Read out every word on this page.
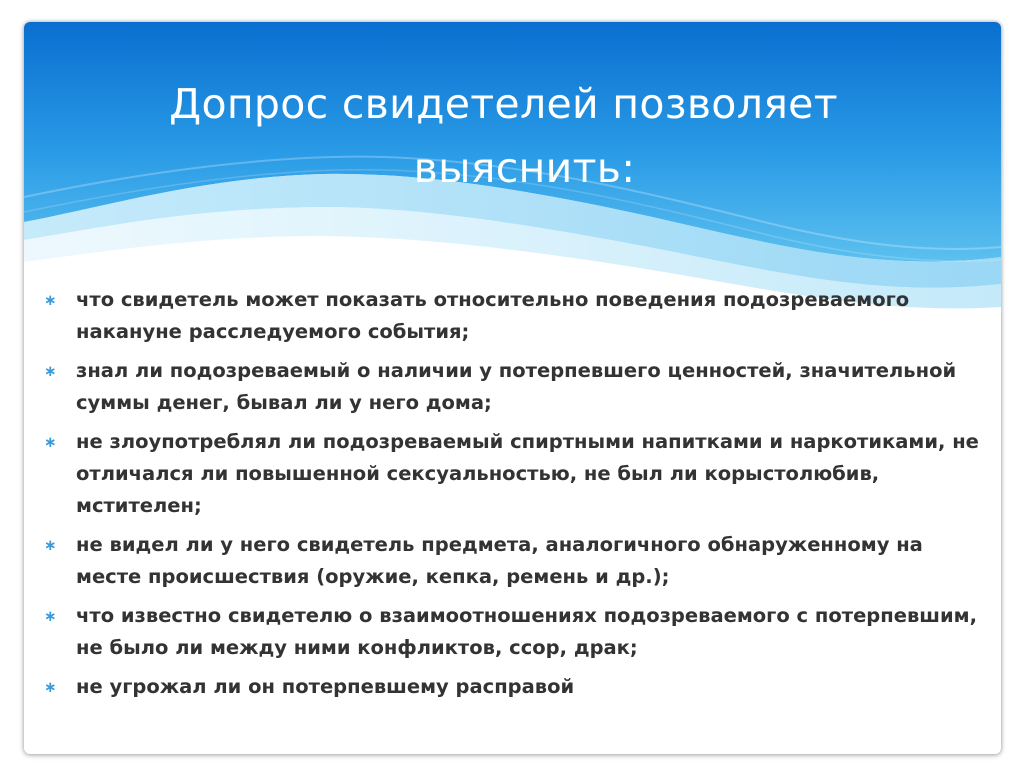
Допрос свидетелей позволяет
выяснить:
∗ что свидетель может показать относительно поведения подозреваемого накануне расследуемого события;
∗ знал ли подозреваемый о наличии у потерпевшего ценностей, значительной суммы денег, бывал ли у него дома;
∗ не злоупотреблял ли подозреваемый спиртными напитками и наркотиками, не отличался ли повышенной сексуальностью, не был ли корыстолюбив, мстителен;
∗ не видел ли у него свидетель предмета, аналогичного обнаруженному на месте происшествия (оружие, кепка, ремень и др.);
∗ что известно свидетелю о взаимоотношениях подозреваемого с потерпевшим, не было ли между ними конфликтов, ссор, драк;
∗ не угрожал ли он потерпевшему расправой
